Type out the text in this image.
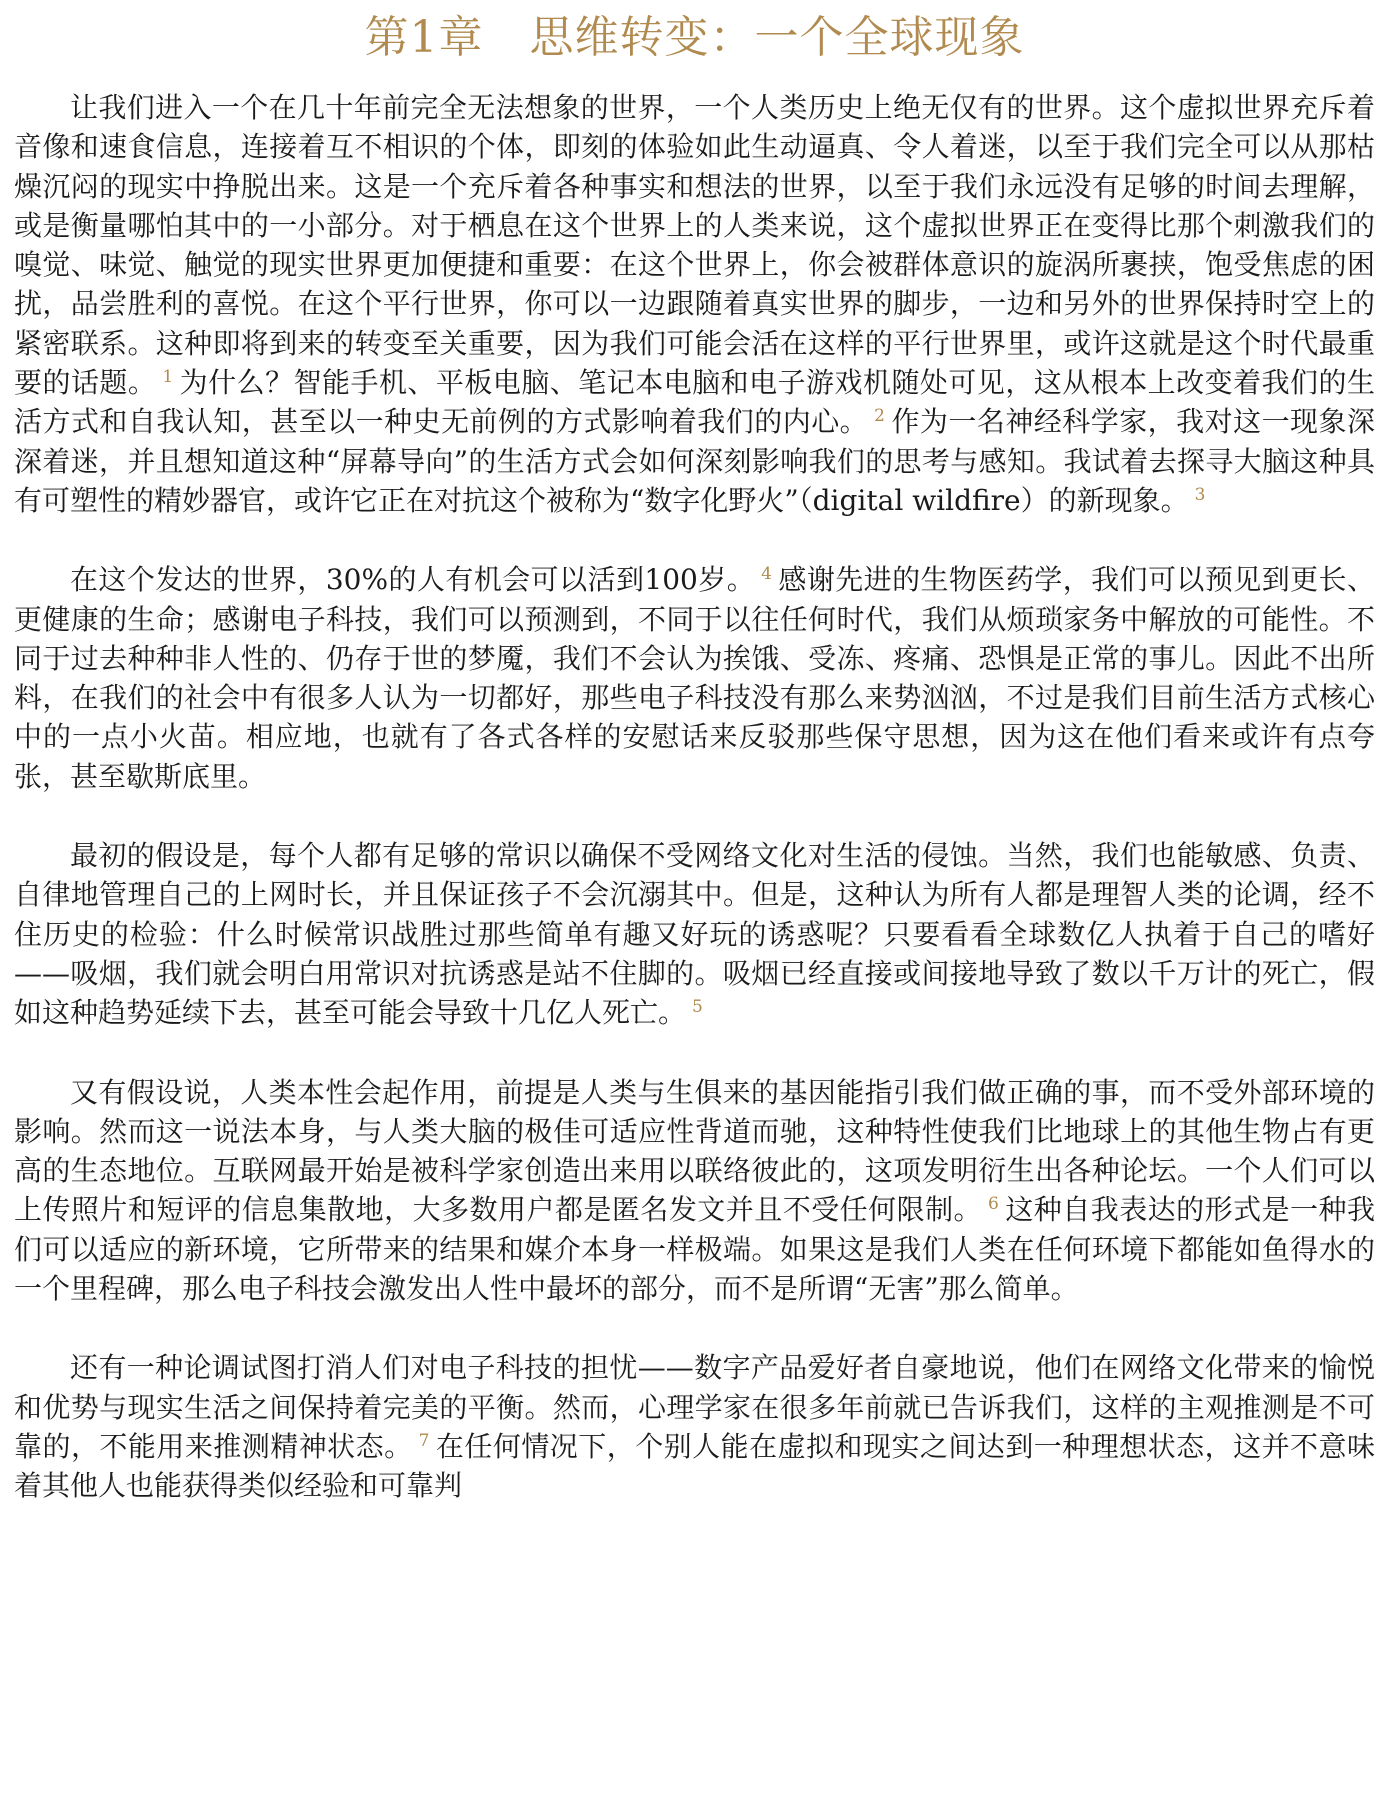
第1章 思维转变：一个全球现象

让我们进入一个在几十年前完全无法想象的世界，一个人类历史上绝无仅有的世界。这个虚拟世界充斥着音像和速食信息，连接着互不相识的个体，即刻的体验如此生动逼真、令人着迷，以至于我们完全可以从那枯燥沉闷的现实中挣脱出来。这是一个充斥着各种事实和想法的世界，以至于我们永远没有足够的时间去理解，或是衡量哪怕其中的一小部分。对于栖息在这个世界上的人类来说，这个虚拟世界正在变得比那个刺激我们的嗅觉、味觉、触觉的现实世界更加便捷和重要：在这个世界上，你会被群体意识的旋涡所裹挟，饱受焦虑的困扰，品尝胜利的喜悦。在这个平行世界，你可以一边跟随着真实世界的脚步，一边和另外的世界保持时空上的紧密联系。这种即将到来的转变至关重要，因为我们可能会活在这样的平行世界里，或许这就是这个时代最重要的话题。 $^1$ 为什么？智能手机、平板电脑、笔记本电脑和电子游戏机随处可见，这从根本上改变着我们的生活方式和自我认知，甚至以一种史无前例的方式影响着我们的内心。 $^2$ 作为一名神经科学家，我对这一现象深深着迷，并且想知道这种“屏幕导向”的生活方式会如何深刻影响我们的思考与感知。我试着去探寻大脑这种具有可塑性的精妙器官，或许它正在对抗这个被称为“数字化野火”（digital wildfire）的新现象。 $^3$

在这个发达的世界，30%的人有机会可以活到100岁。 $^4$ 感谢先进的生物医药学，我们可以预见到更长、更健康的生命；感谢电子科技，我们可以预测到，不同于以往任何时代，我们从烦琐家务中解放的可能性。不同于过去种种非人性的、仍存于世的梦魇，我们不会认为挨饿、受冻、疼痛、恐惧是正常的事儿。因此不出所料，在我们的社会中有很多人认为一切都好，那些电子科技没有那么来势汹汹，不过是我们目前生活方式核心中的一点小火苗。相应地，也就有了各式各样的安慰话来反驳那些保守思想，因为这在他们看来或许有点夸张，甚至歇斯底里。

最初的假设是，每个人都有足够的常识以确保不受网络文化对生活的侵蚀。当然，我们也能敏感、负责、自律地管理自己的上网时长，并且保证孩子不会沉溺其中。但是，这种认为所有人都是理智人类的论调，经不住历史的检验：什么时候常识战胜过那些简单有趣又好玩的诱惑呢？只要看看全球数亿人执着于自己的嗜好——吸烟，我们就会明白用常识对抗诱惑是站不住脚的。吸烟已经直接或间接地导致了数以千万计的死亡，假如这种趋势延续下去，甚至可能会导致十几亿人死亡。 $^5$

又有假设说，人类本性会起作用，前提是人类与生俱来的基因能指引我们做正确的事，而不受外部环境的影响。然而这一说法本身，与人类大脑的极佳可适应性背道而驰，这种特性使我们比地球上的其他生物占有更高的生态地位。互联网最开始是被科学家创造出来用以联络彼此的，这项发明衍生出各种论坛。一个人们可以上传照片和短评的信息集散地，大多数用户都是匿名发文并且不受任何限制。 $^6$ 这种自我表达的形式是一种我们可以适应的新环境，它所带来的结果和媒介本身一样极端。如果这是我们人类在任何环境下都能如鱼得水的一个里程碑，那么电子科技会激发出人性中最坏的部分，而不是所谓“无害”那么简单。

还有一种论调试图打消人们对电子科技的担忧——数字产品爱好者自豪地说，他们在网络文化带来的愉悦和优势与现实生活之间保持着完美的平衡。然而，心理学家在很多年前就已告诉我们，这样的主观推测是不可靠的，不能用来推测精神状态。 $^7$ 在任何情况下，个别人能在虚拟和现实之间达到一种理想状态，这并不意味着其他人也能获得类似经验和可靠判
